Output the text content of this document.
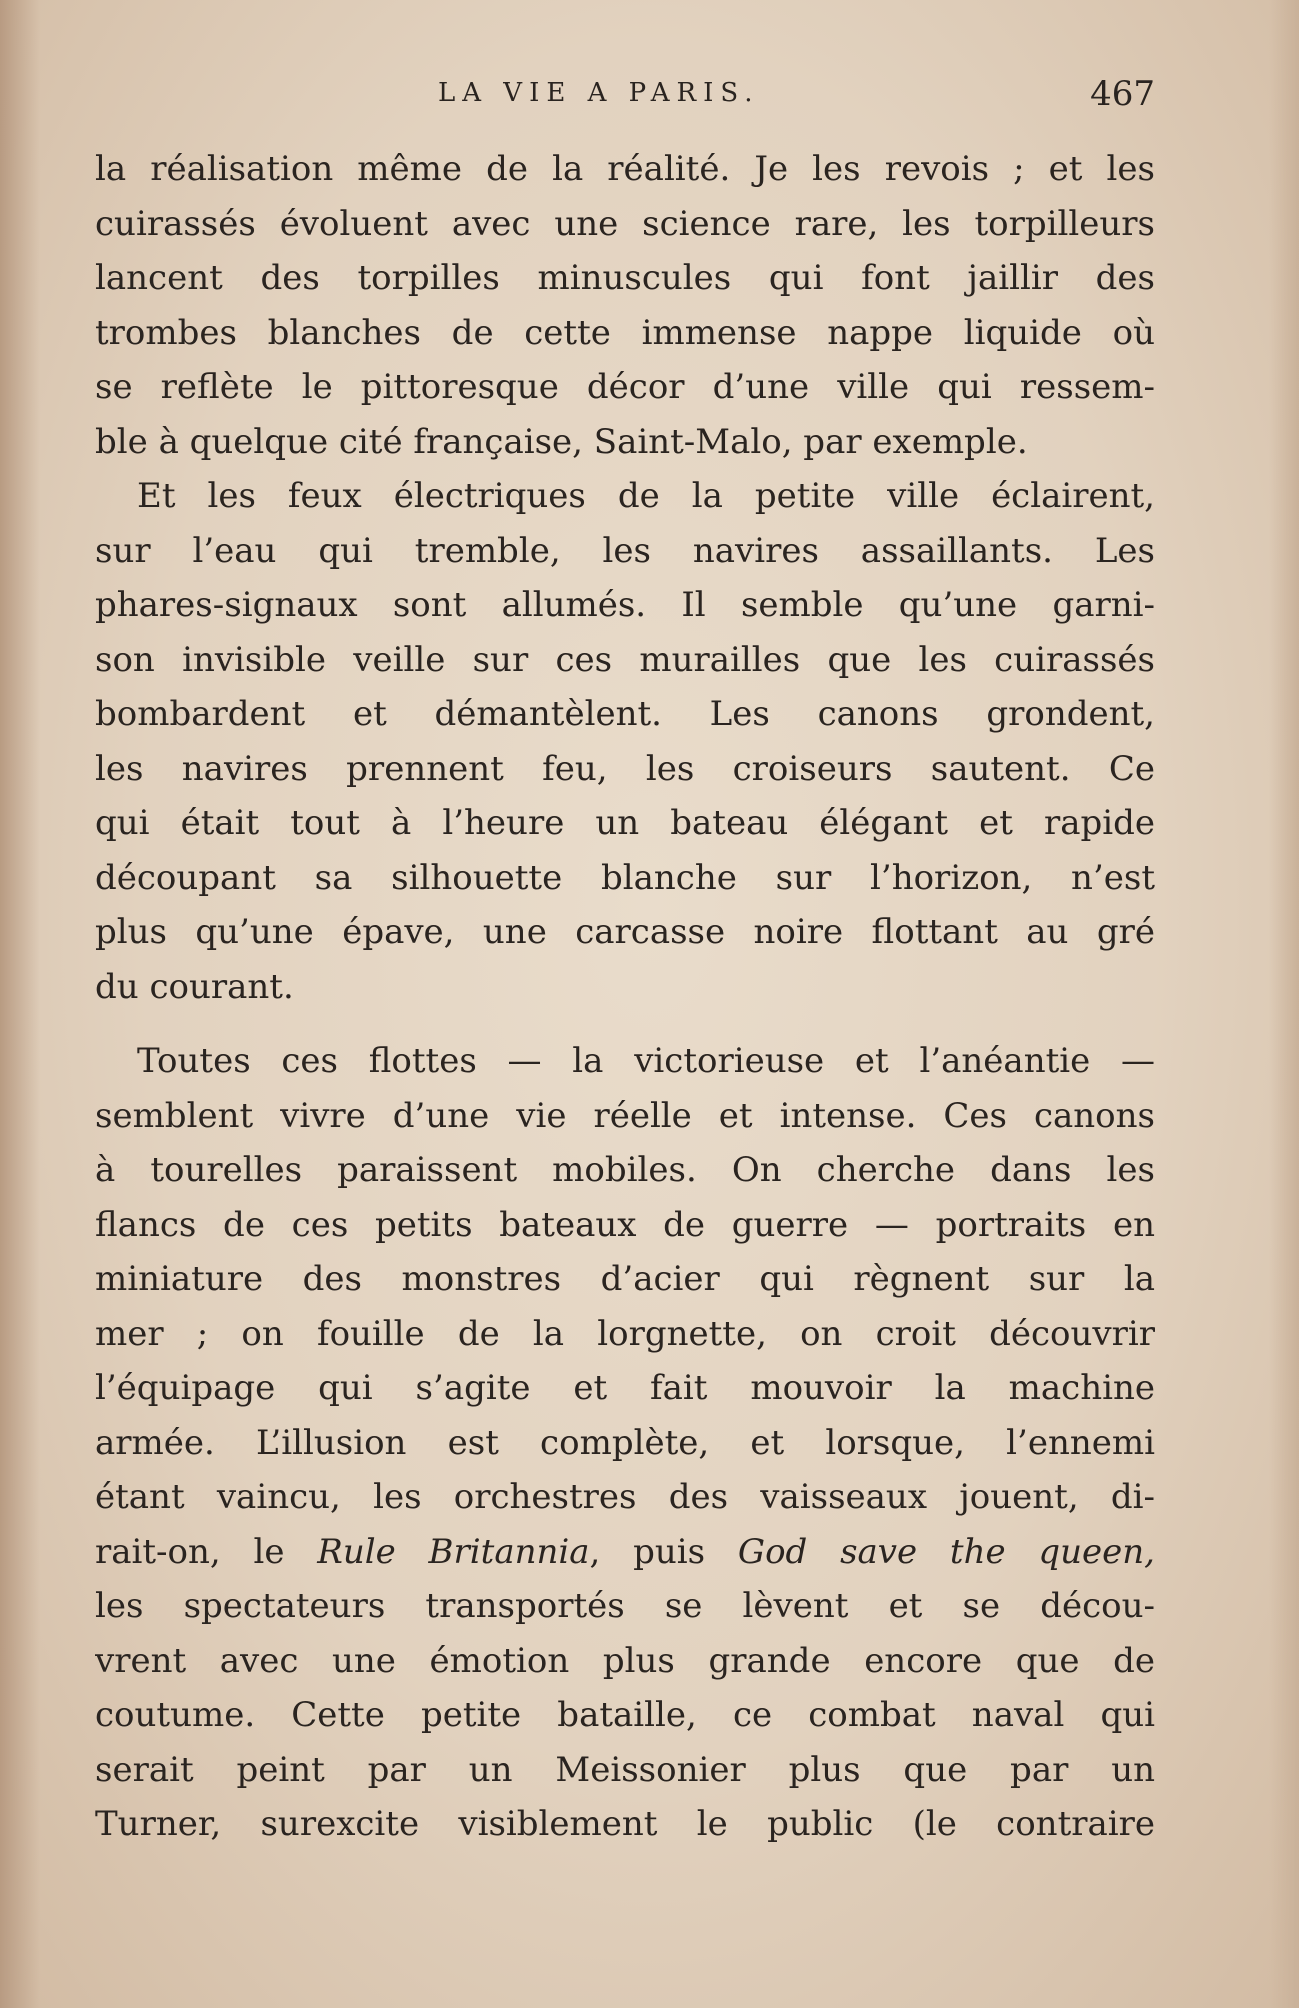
LA VIE A PARIS.	467
la réalisation même de la réalité. Je les revois ; et les
cuirassés évoluent avec une science rare, les torpilleurs
lancent des torpilles minuscules qui font jaillir des
trombes blanches de cette immense nappe liquide où
se reflète le pittoresque décor d’une ville qui ressem-
ble à quelque cité française, Saint-Malo, par exemple.
Et les feux électriques de la petite ville éclairent,
sur l’eau qui tremble, les navires assaillants. Les
phares-signaux sont allumés. Il semble qu’une garni-
son invisible veille sur ces murailles que les cuirassés
bombardent et démantèlent. Les canons grondent,
les navires prennent feu, les croiseurs sautent. Ce
qui était tout à l’heure un bateau élégant et rapide
découpant sa silhouette blanche sur l’horizon, n’est
plus qu’une épave, une carcasse noire flottant au gré
du courant.
Toutes ces flottes — la victorieuse et l’anéantie —
semblent vivre d’une vie réelle et intense. Ces canons
à tourelles paraissent mobiles. On cherche dans les
flancs de ces petits bateaux de guerre — portraits en
miniature des monstres d’acier qui règnent sur la
mer ; on fouille de la lorgnette, on croit découvrir
l’équipage qui s’agite et fait mouvoir la machine
armée. L’illusion est complète, et lorsque, l’ennemi
étant vaincu, les orchestres des vaisseaux jouent, di-
rait-on, le Rule Britannia, puis God save the queen,
les spectateurs transportés se lèvent et se décou-
vrent avec une émotion plus grande encore que de
coutume. Cette petite bataille, ce combat naval qui
serait peint par un Meissonier plus que par un
Turner, surexcite visiblement le public (le contraire
